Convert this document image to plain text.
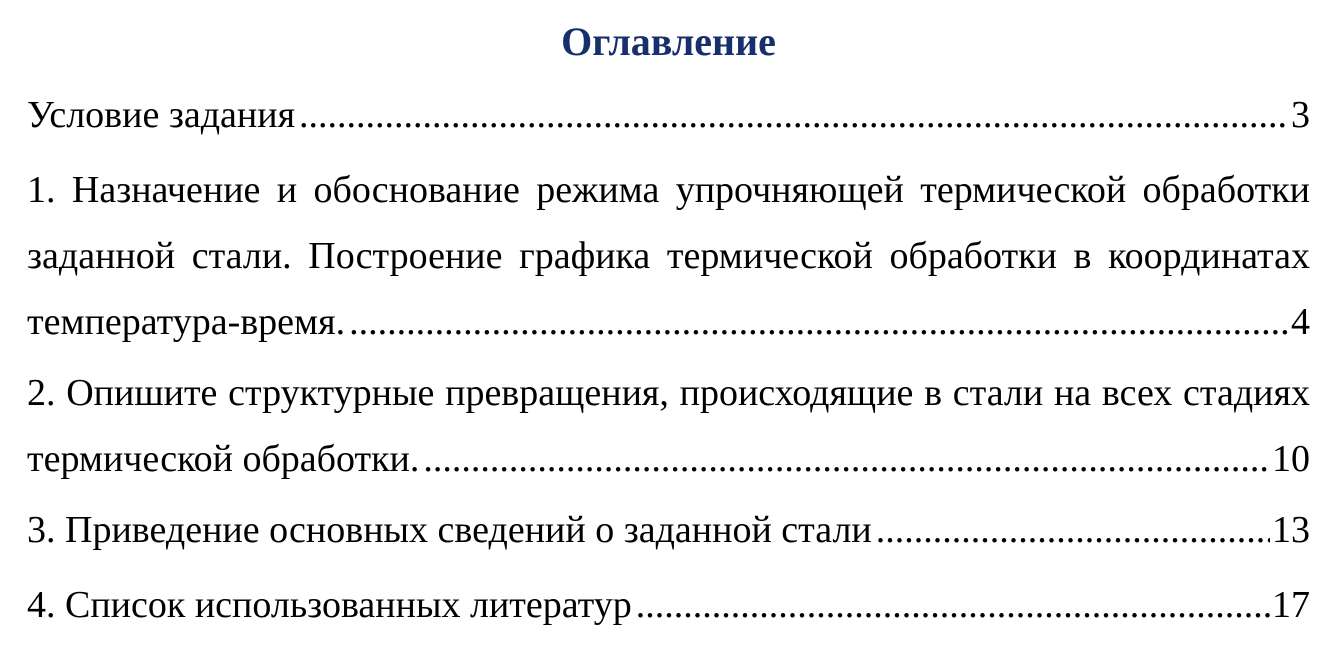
Оглавление
Условие задания .....	3
1. Назначение и обоснование режима упрочняющей термической обработки
заданной стали. Построение графика термической обработки в координатах
температура-время. .....	4
2. Опишите структурные превращения, происходящие в стали на всех стадиях
термической обработки. .....	10
3. Приведение основных сведений о заданной стали .....	13
4. Список использованных литератур .....	17
